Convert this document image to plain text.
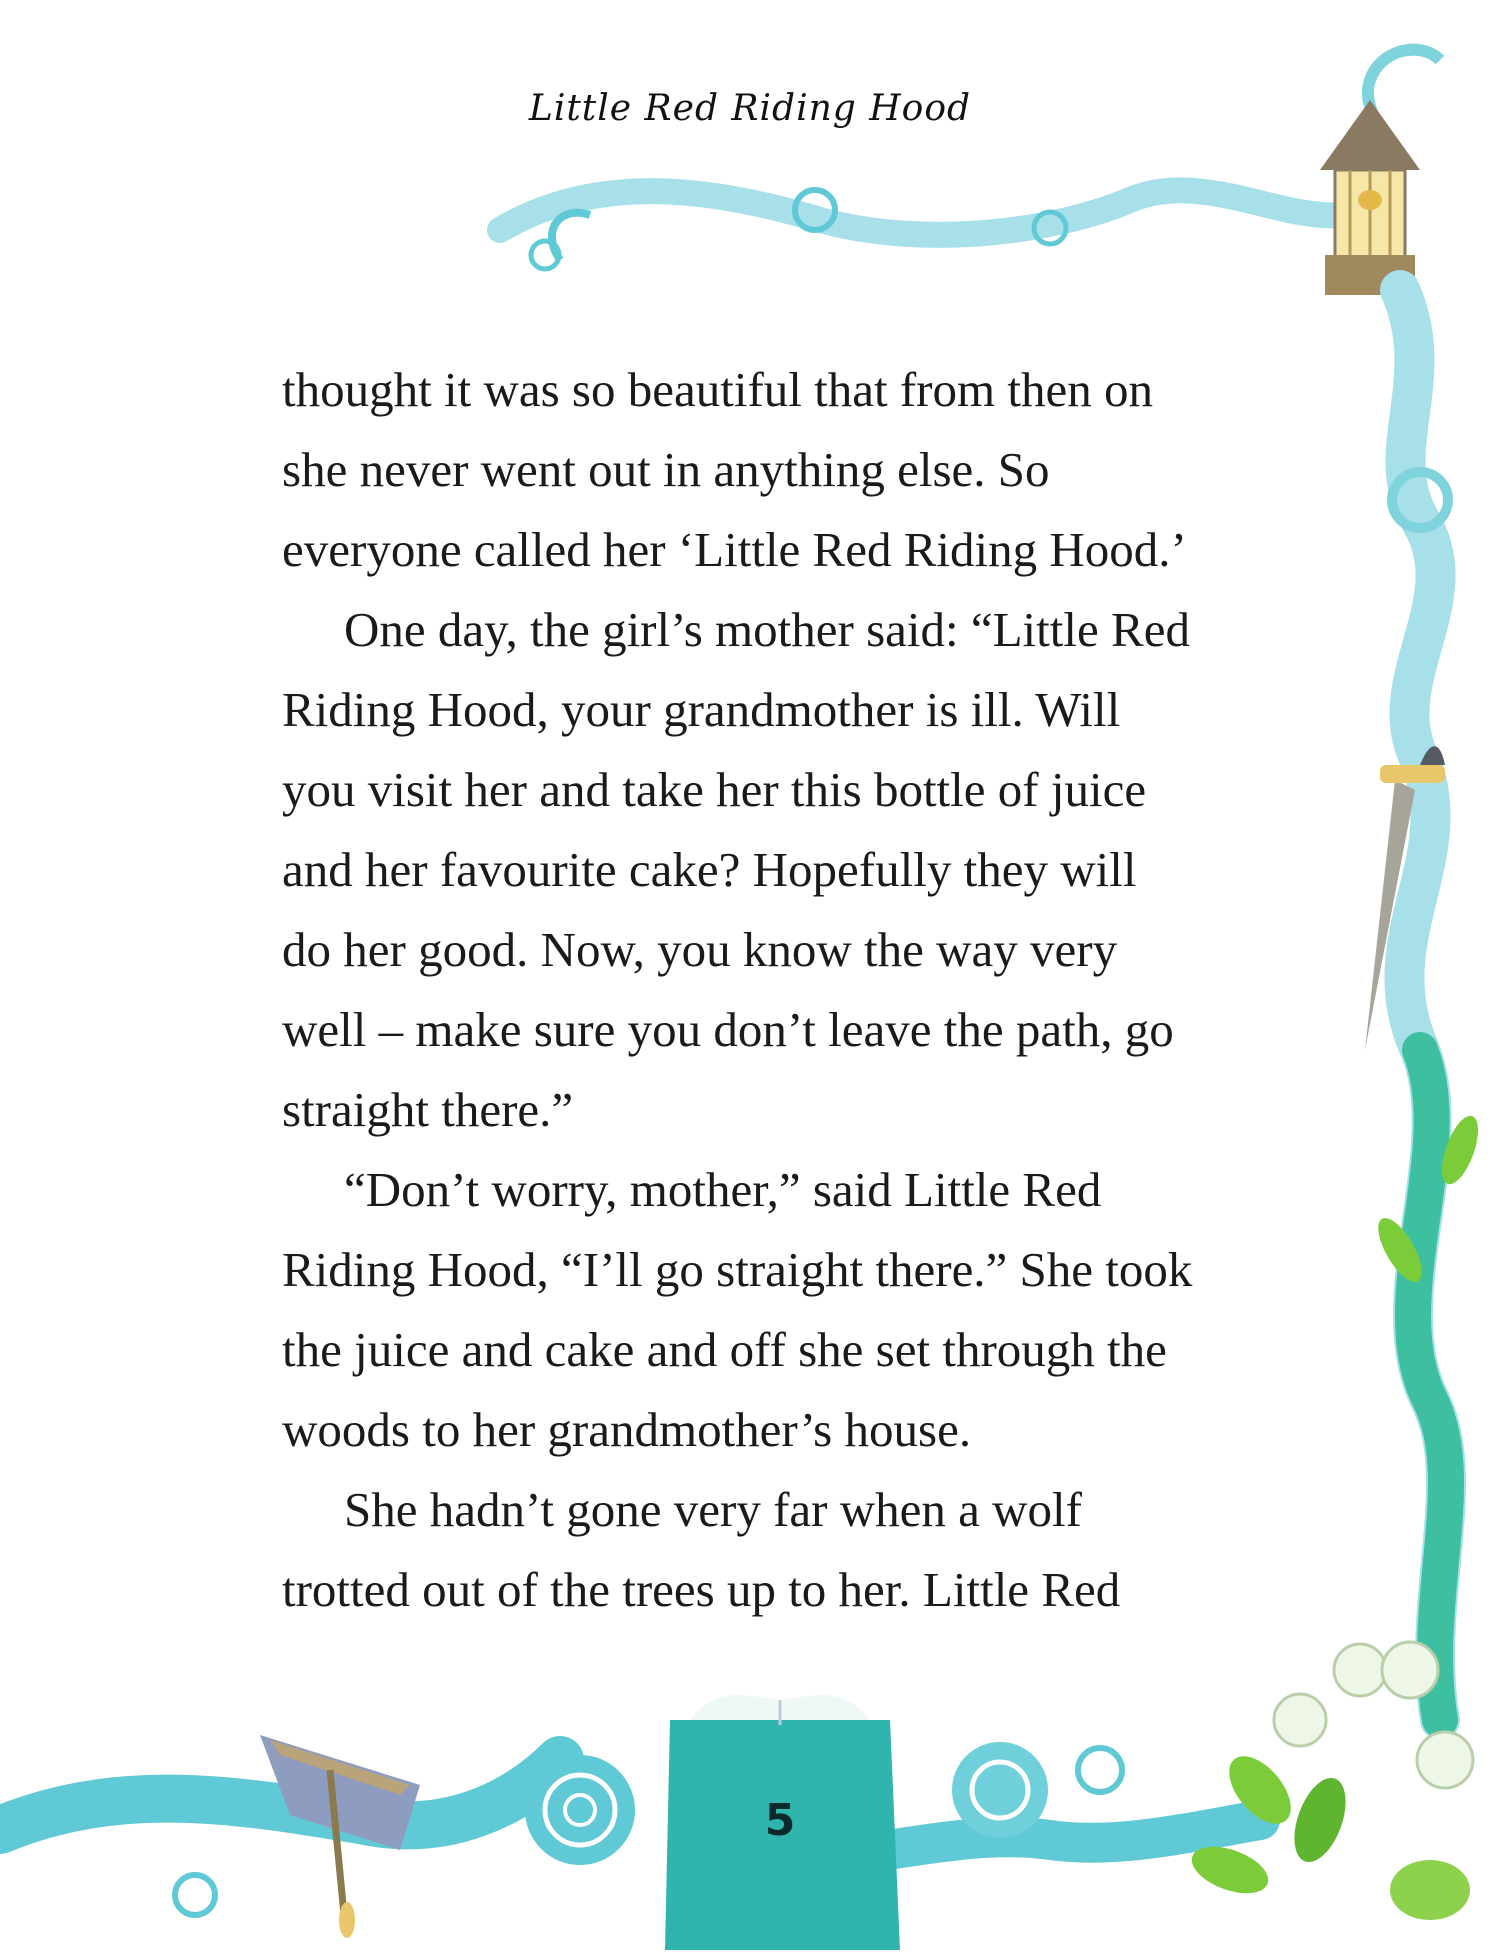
Little Red Riding Hood
thought it was so beautiful that from then on
she never went out in anything else. So
everyone called her ‘Little Red Riding Hood.’
One day, the girl’s mother said: “Little Red
Riding Hood, your grandmother is ill. Will
you visit her and take her this bottle of juice
and her favourite cake? Hopefully they will
do her good. Now, you know the way very
well – make sure you don’t leave the path, go
straight there.”
“Don’t worry, mother,” said Little Red
Riding Hood, “I’ll go straight there.” She took
the juice and cake and off she set through the
woods to her grandmother’s house.
She hadn’t gone very far when a wolf
trotted out of the trees up to her. Little Red
5
